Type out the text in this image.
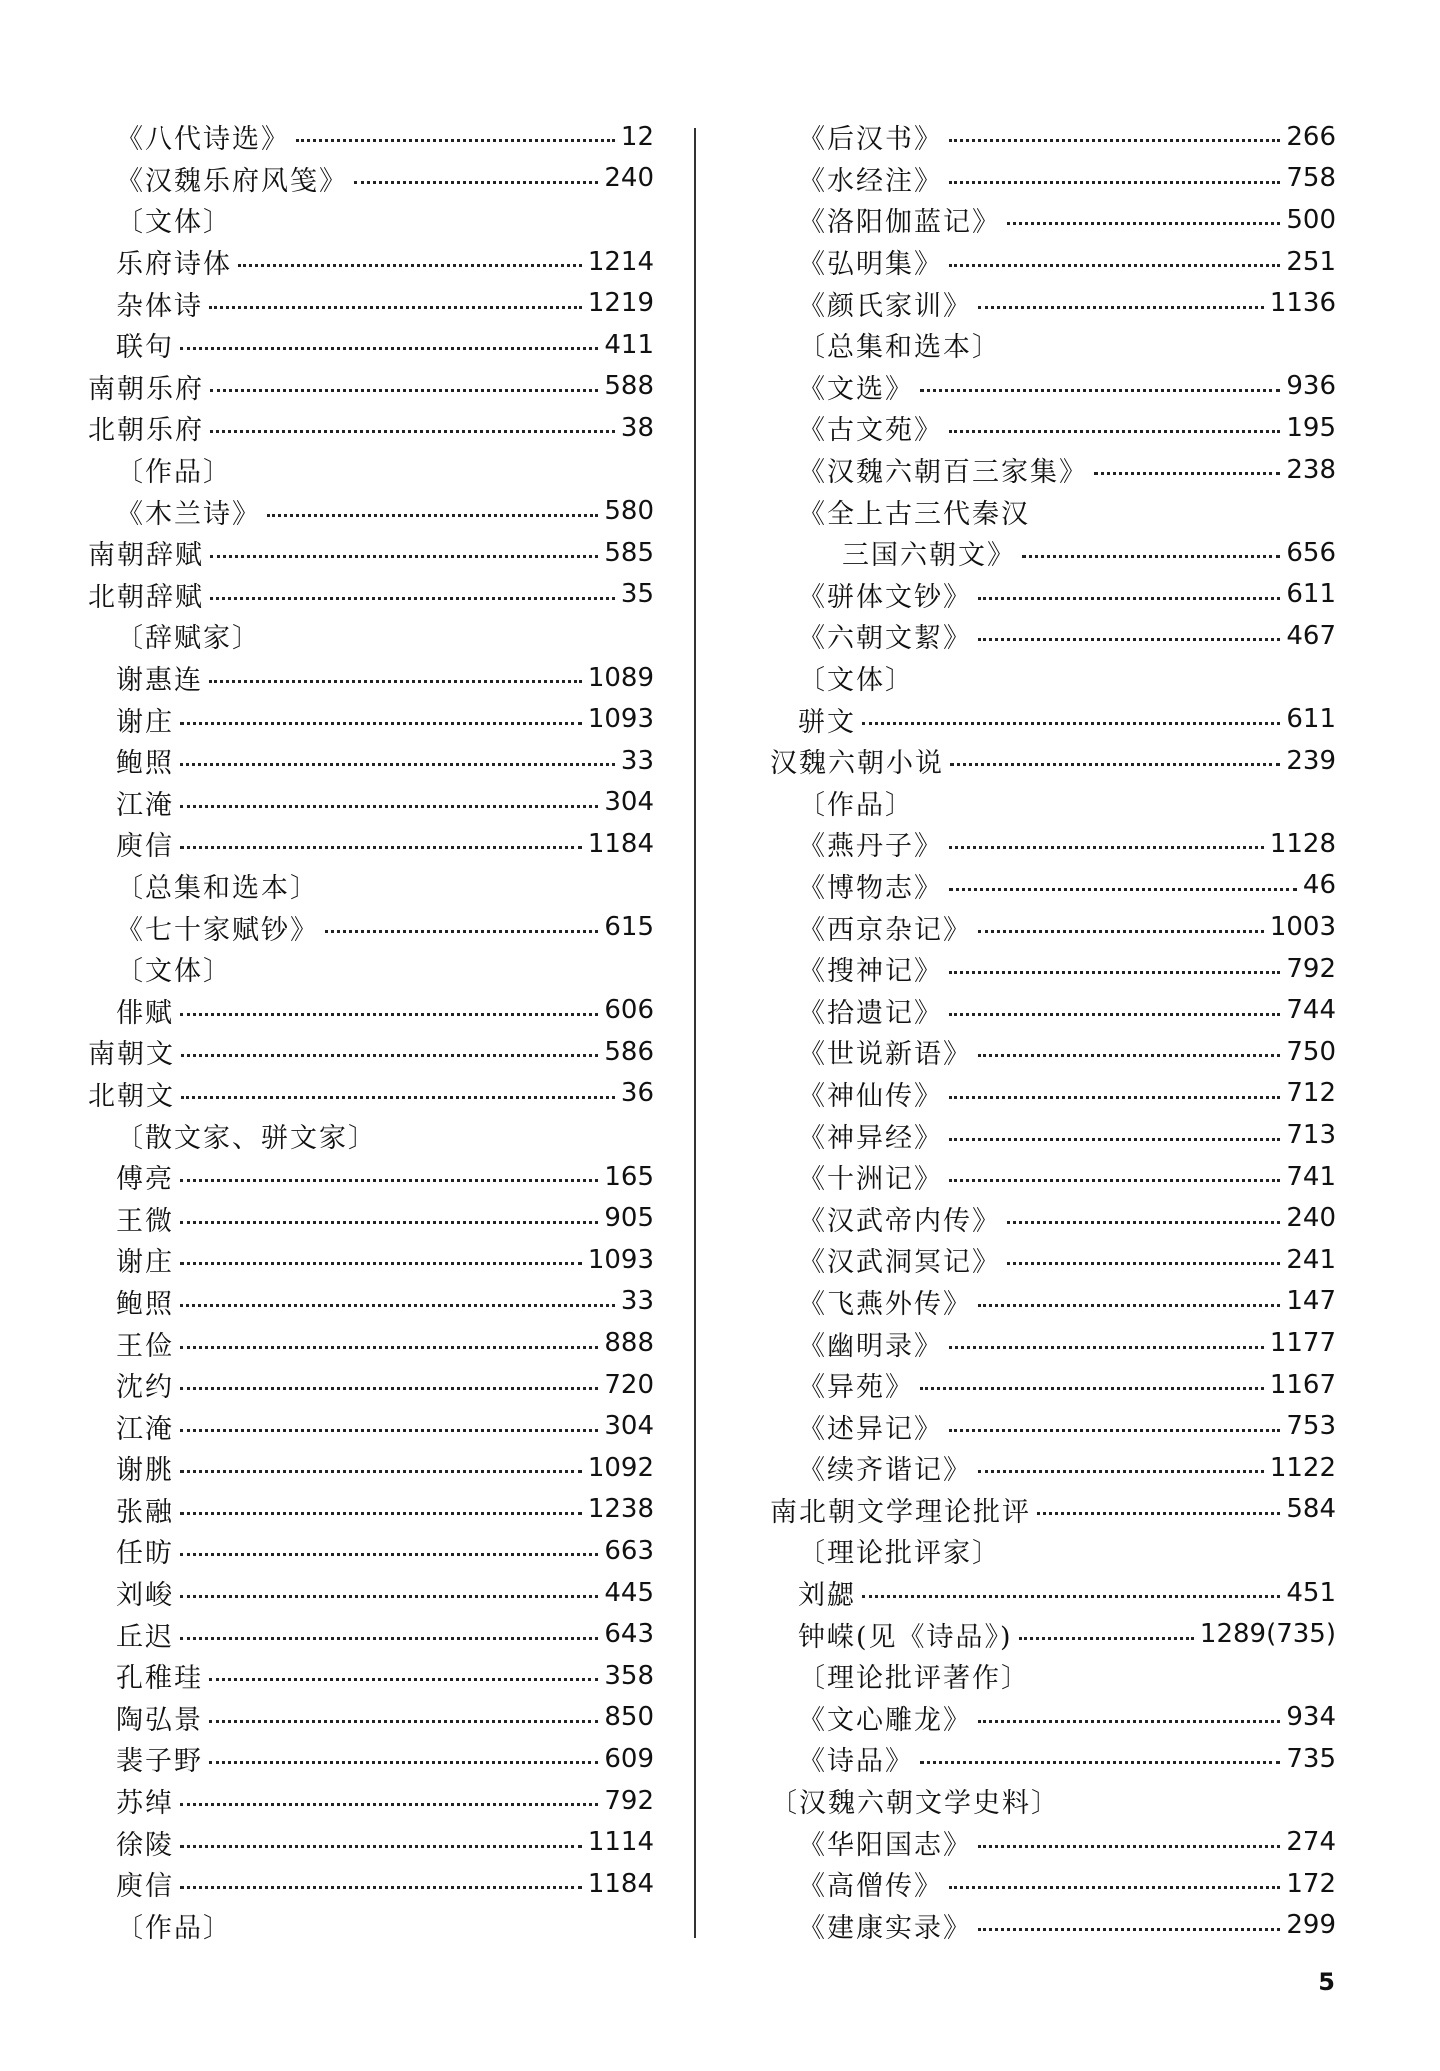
《八代诗选》	12
《汉魏乐府风笺》	240
〔文体〕
乐府诗体	1214
杂体诗	1219
联句	411
南朝乐府	588
北朝乐府	38
〔作品〕
《木兰诗》	580
南朝辞赋	585
北朝辞赋	35
〔辞赋家〕
谢惠连	1089
谢庄	1093
鲍照	33
江淹	304
庾信	1184
〔总集和选本〕
《七十家赋钞》	615
〔文体〕
俳赋	606
南朝文	586
北朝文	36
〔散文家、骈文家〕
傅亮	165
王微	905
谢庄	1093
鲍照	33
王俭	888
沈约	720
江淹	304
谢朓	1092
张融	1238
任昉	663
刘峻	445
丘迟	643
孔稚珪	358
陶弘景	850
裴子野	609
苏绰	792
徐陵	1114
庾信	1184
〔作品〕
《后汉书》	266
《水经注》	758
《洛阳伽蓝记》	500
《弘明集》	251
《颜氏家训》	1136
〔总集和选本〕
《文选》	936
《古文苑》	195
《汉魏六朝百三家集》	238
《全上古三代秦汉
三国六朝文》	656
《骈体文钞》	611
《六朝文絜》	467
〔文体〕
骈文	611
汉魏六朝小说	239
〔作品〕
《燕丹子》	1128
《博物志》	46
《西京杂记》	1003
《搜神记》	792
《拾遗记》	744
《世说新语》	750
《神仙传》	712
《神异经》	713
《十洲记》	741
《汉武帝内传》	240
《汉武洞冥记》	241
《飞燕外传》	147
《幽明录》	1177
《异苑》	1167
《述异记》	753
《续齐谐记》	1122
南北朝文学理论批评	584
〔理论批评家〕
刘勰	451
钟嵘(见《诗品》)	1289(735)
〔理论批评著作〕
《文心雕龙》	934
《诗品》	735
〔汉魏六朝文学史料〕
《华阳国志》	274
《高僧传》	172
《建康实录》	299
5
